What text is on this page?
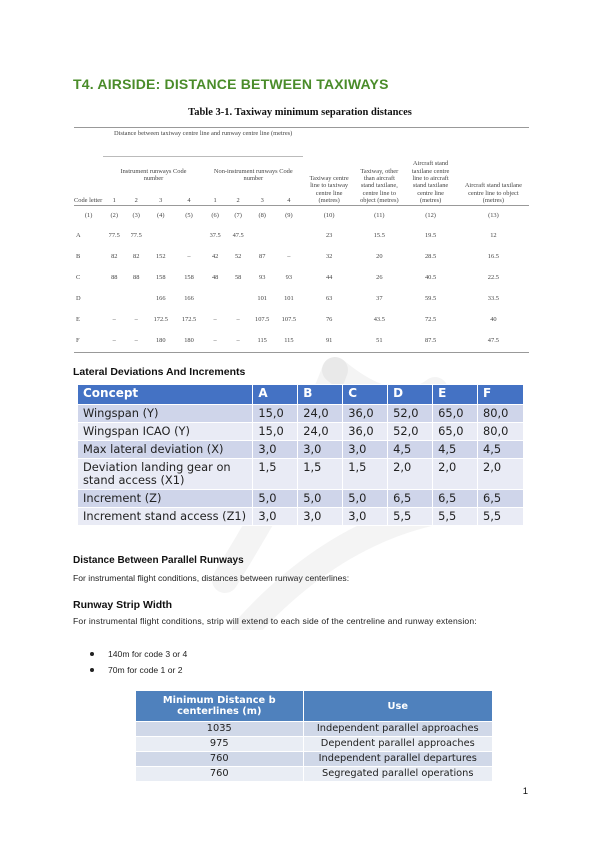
T4. AIRSIDE: DISTANCE BETWEEN TAXIWAYS
Table 3-1. Taxiway minimum separation distances

	Distance between taxiway centre line and runway centre line (metres)								Taxiway centre line to taxiway centre line (metres)	Taxiway, other than aircraft stand taxilane, centre line to object (metres)	Aircraft stand taxilane centre line to aircraft stand taxilane centre line (metres)	Aircraft stand taxilane centre line to object (metres)
	Instrument runways Code number				Non-instrument runways Code number							
Code letter	1	2	3	4	1	2	3	4				

(1)	(2)	(3)	(4)	(5)	(6)	(7)	(8)	(9)	(10)	(11)	(12)	(13)
A	77.5	77.5			37.5	47.5			23	15.5	19.5	12
B	82	82	152	–	42	52	87	–	32	20	28.5	16.5
C	88	88	158	158	48	58	93	93	44	26	40.5	22.5
D			166	166			101	101	63	37	59.5	33.5
E	–	–	172.5	172.5	–	–	107.5	107.5	76	43.5	72.5	40
F	–	–	180	180	–	–	115	115	91	51	87.5	47.5

Lateral Deviations And Increments
Concept	A	B	C	D	E	F
Wingspan (Y)	15,0	24,0	36,0	52,0	65,0	80,0
Wingspan ICAO (Y)	15,0	24,0	36,0	52,0	65,0	80,0
Max lateral deviation (X)	3,0	3,0	3,0	4,5	4,5	4,5
Deviation landing gear on stand access (X1)	1,5	1,5	1,5	2,0	2,0	2,0
Increment (Z)	5,0	5,0	5,0	6,5	6,5	6,5
Increment stand access (Z1)	3,0	3,0	3,0	5,5	5,5	5,5
Distance Between Parallel Runways

For instrumental flight conditions, distances between runway centerlines:

Runway Strip Width

For instrumental flight conditions, strip will extend to each side of the centreline and runway extension:

140m for code 3 or 4
70m for code 1 or 2
Minimum Distance b centerlines (m)	Use
1035	Independent parallel approaches
975	Dependent parallel approaches
760	Independent parallel departures
760	Segregated parallel operations

1
